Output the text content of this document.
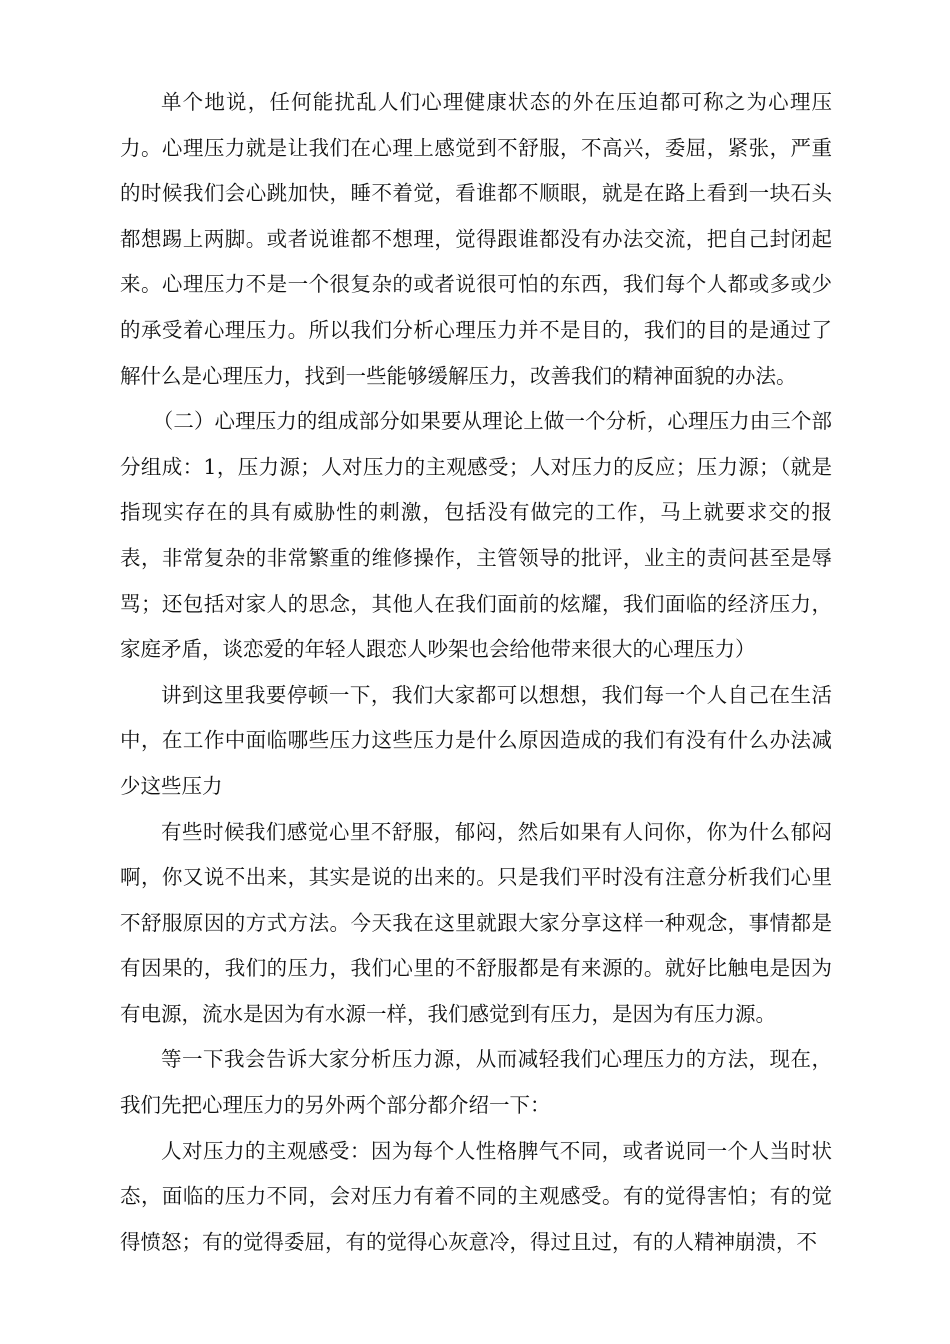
单个地说，任何能扰乱人们心理健康状态的外在压迫都可称之为心理压力。心理压力就是让我们在心理上感觉到不舒服，不高兴，委屈，紧张，严重的时候我们会心跳加快，睡不着觉，看谁都不顺眼，就是在路上看到一块石头都想踢上两脚。或者说谁都不想理，觉得跟谁都没有办法交流，把自己封闭起来。心理压力不是一个很复杂的或者说很可怕的东西，我们每个人都或多或少的承受着心理压力。所以我们分析心理压力并不是目的，我们的目的是通过了解什么是心理压力，找到一些能够缓解压力，改善我们的精神面貌的办法。

（二）心理压力的组成部分如果要从理论上做一个分析，心理压力由三个部分组成：1，压力源；人对压力的主观感受；人对压力的反应；压力源；（就是指现实存在的具有威胁性的刺激，包括没有做完的工作，马上就要求交的报表，非常复杂的非常繁重的维修操作，主管领导的批评，业主的责问甚至是辱骂；还包括对家人的思念，其他人在我们面前的炫耀，我们面临的经济压力，家庭矛盾，谈恋爱的年轻人跟恋人吵架也会给他带来很大的心理压力）

讲到这里我要停顿一下，我们大家都可以想想，我们每一个人自己在生活中，在工作中面临哪些压力这些压力是什么原因造成的我们有没有什么办法减少这些压力

有些时候我们感觉心里不舒服，郁闷，然后如果有人问你，你为什么郁闷啊，你又说不出来，其实是说的出来的。只是我们平时没有注意分析我们心里不舒服原因的方式方法。今天我在这里就跟大家分享这样一种观念，事情都是有因果的，我们的压力，我们心里的不舒服都是有来源的。就好比触电是因为有电源，流水是因为有水源一样，我们感觉到有压力，是因为有压力源。

等一下我会告诉大家分析压力源，从而减轻我们心理压力的方法，现在，我们先把心理压力的另外两个部分都介绍一下：

人对压力的主观感受：因为每个人性格脾气不同，或者说同一个人当时状态，面临的压力不同，会对压力有着不同的主观感受。有的觉得害怕；有的觉得愤怒；有的觉得委屈，有的觉得心灰意冷，得过且过，有的人精神崩溃，不
